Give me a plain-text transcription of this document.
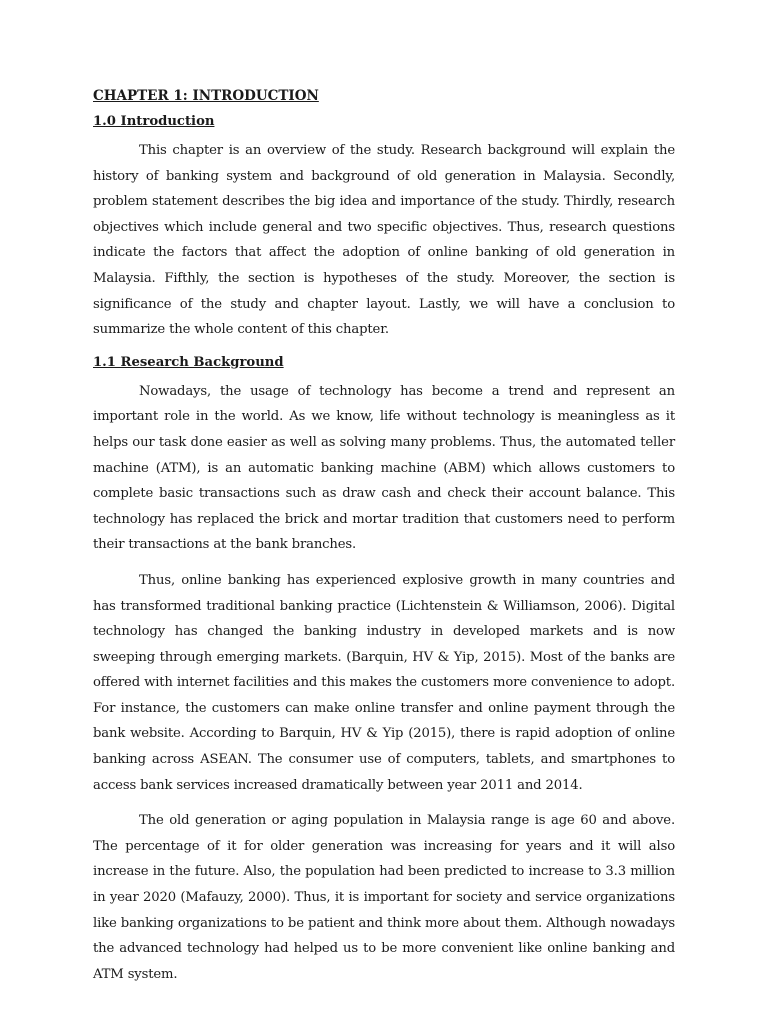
CHAPTER 1: INTRODUCTION
1.0 Introduction

This chapter is an overview of the study. Research background will explain the history of banking system and background of old generation in Malaysia. Secondly, problem statement describes the big idea and importance of the study. Thirdly, research objectives which include general and two specific objectives. Thus, research questions indicate the factors that affect the adoption of online banking of old generation in Malaysia. Fifthly, the section is hypotheses of the study. Moreover, the section is significance of the study and chapter layout. Lastly, we will have a conclusion to summarize the whole content of this chapter.

1.1 Research Background

Nowadays, the usage of technology has become a trend and represent an important role in the world. As we know, life without technology is meaningless as it helps our task done easier as well as solving many problems. Thus, the automated teller machine (ATM), is an automatic banking machine (ABM) which allows customers to complete basic transactions such as draw cash and check their account balance. This technology has replaced the brick and mortar tradition that customers need to perform their transactions at the bank branches.

Thus, online banking has experienced explosive growth in many countries and has transformed traditional banking practice (Lichtenstein & Williamson, 2006). Digital technology has changed the banking industry in developed markets and is now sweeping through emerging markets. (Barquin, HV & Yip, 2015). Most of the banks are offered with internet facilities and this makes the customers more convenience to adopt. For instance, the customers can make online transfer and online payment through the bank website. According to Barquin, HV & Yip (2015), there is rapid adoption of online banking across ASEAN. The consumer use of computers, tablets, and smartphones to access bank services increased dramatically between year 2011 and 2014.

The old generation or aging population in Malaysia range is age 60 and above. The percentage of it for older generation was increasing for years and it will also increase in the future. Also, the population had been predicted to increase to 3.3 million in year 2020 (Mafauzy, 2000). Thus, it is important for society and service organizations like banking organizations to be patient and think more about them. Although nowadays the advanced technology had helped us to be more convenient like online banking and ATM system.
